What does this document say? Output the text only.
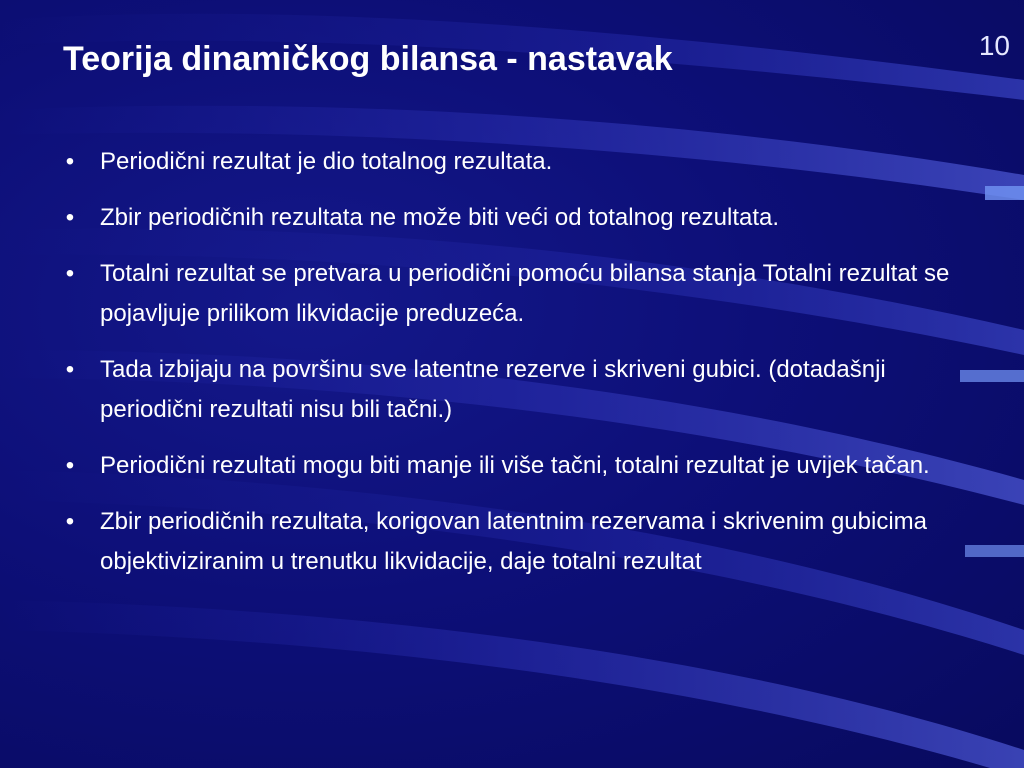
10
Teorija dinamičkog bilansa - nastavak
• Periodični rezultat je dio totalnog rezultata.
• Zbir periodičnih rezultata ne može biti veći od totalnog rezultata.
• Totalni rezultat se pretvara u periodični pomoću bilansa stanja Totalni rezultat se pojavljuje prilikom likvidacije preduzeća.
• Tada izbijaju na površinu sve latentne rezerve i skriveni gubici. (dotadašnji periodični rezultati nisu bili tačni.)
• Periodični rezultati mogu biti manje ili više tačni, totalni rezultat je uvijek tačan.
• Zbir periodičnih rezultata, korigovan latentnim rezervama i skrivenim gubicima objektiviziranim u trenutku likvidacije, daje totalni rezultat
